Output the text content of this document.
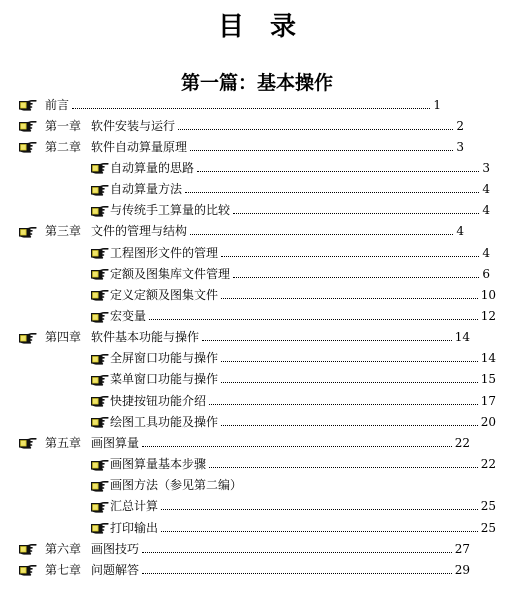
目 录
第一篇：基本操作
前言	1
第一章 软件安装与运行	2
第二章 软件自动算量原理	3
自动算量的思路	3
自动算量方法	4
与传统手工算量的比较	4
第三章 文件的管理与结构	4
工程图形文件的管理	4
定额及图集库文件管理	6
定义定额及图集文件	10
宏变量	12
第四章 软件基本功能与操作	14
全屏窗口功能与操作	14
菜单窗口功能与操作	15
快捷按钮功能介绍	17
绘图工具功能及操作	20
第五章 画图算量	22
画图算量基本步骤	22
画图方法（参见第二编）
汇总计算	25
打印输出	25
第六章 画图技巧	27
第七章 问题解答	29
